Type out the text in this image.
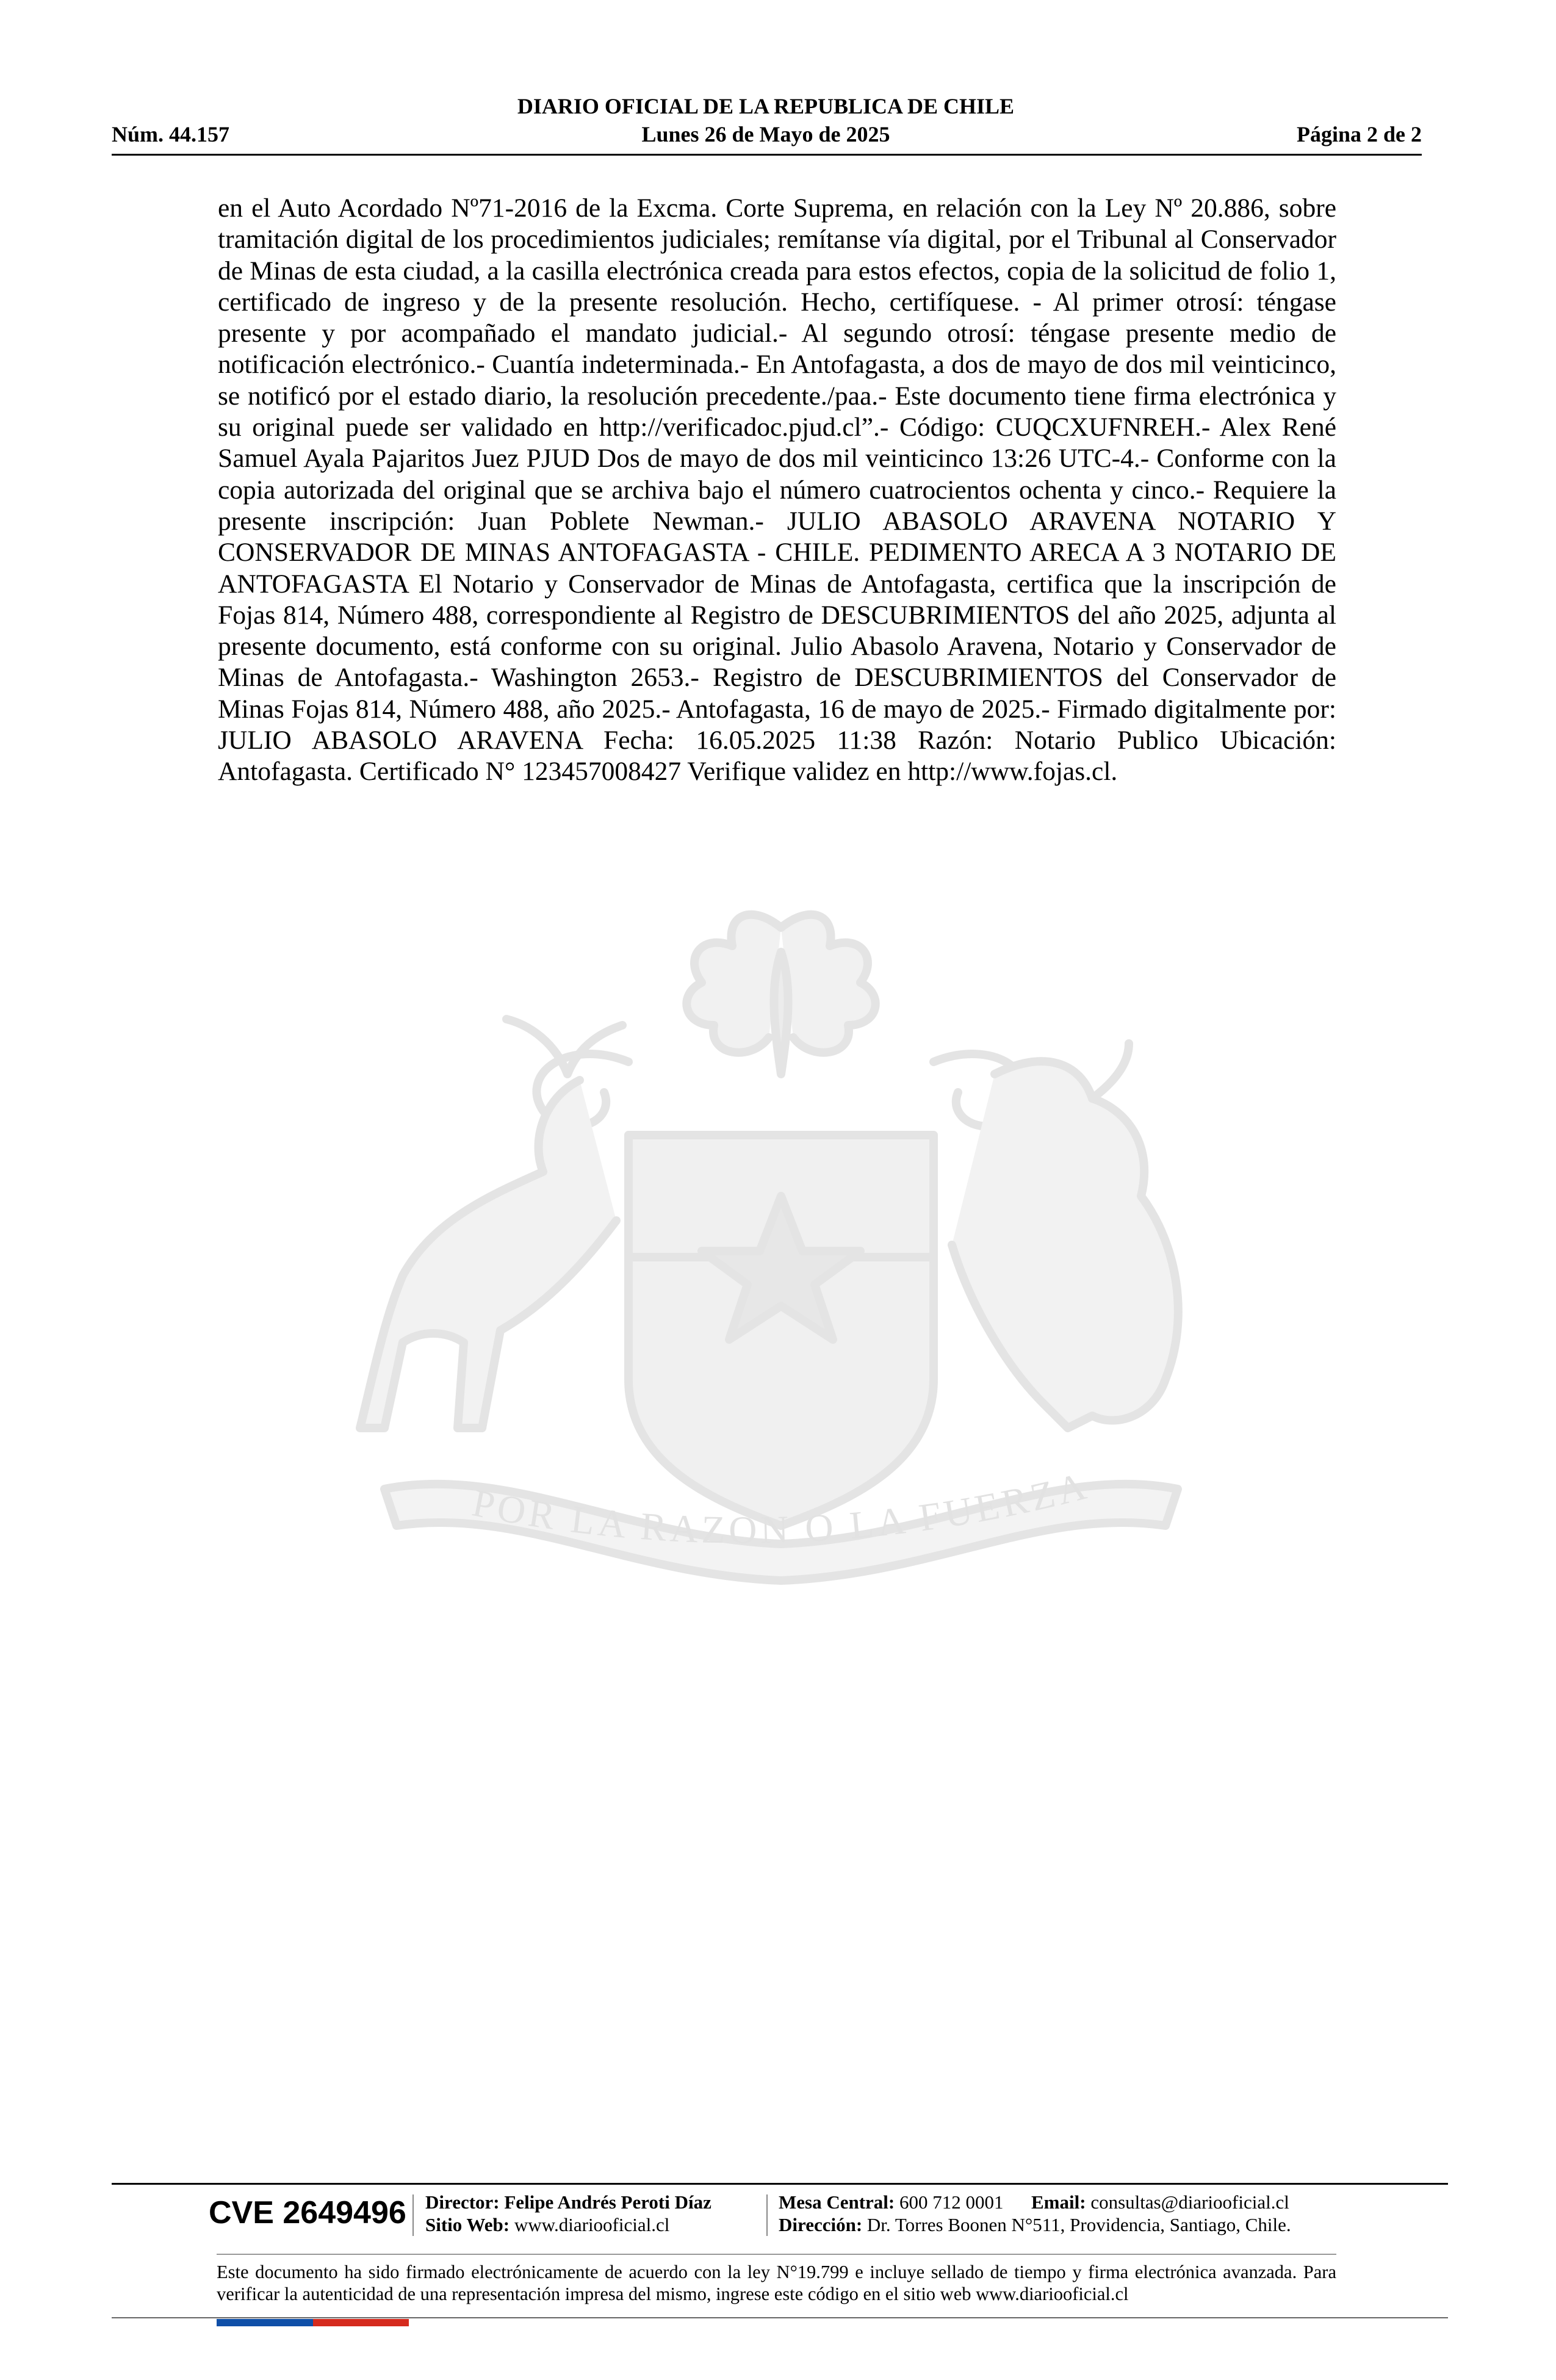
DIARIO OFICIAL DE LA REPUBLICA DE CHILE
Núm. 44.157	Lunes 26 de Mayo de 2025	Página 2 de 2

en el Auto Acordado Nº71-2016 de la Excma. Corte Suprema, en relación con la Ley Nº 20.886, sobre tramitación digital de los procedimientos judiciales; remítanse vía digital, por el Tribunal al Conservador de Minas de esta ciudad, a la casilla electrónica creada para estos efectos, copia de la solicitud de folio 1, certificado de ingreso y de la presente resolución. Hecho, certifíquese. - Al primer otrosí: téngase presente y por acompañado el mandato judicial.- Al segundo otrosí: téngase presente medio de notificación electrónico.- Cuantía indeterminada.- En Antofagasta, a dos de mayo de dos mil veinticinco, se notificó por el estado diario, la resolución precedente./paa.- Este documento tiene firma electrónica y su original puede ser validado en http://verificadoc.pjud.cl”.- Código: CUQCXUFNREH.- Alex René Samuel Ayala Pajaritos Juez PJUD Dos de mayo de dos mil veinticinco 13:26 UTC-4.- Conforme con la copia autorizada del original que se archiva bajo el número cuatrocientos ochenta y cinco.- Requiere la presente inscripción: Juan Poblete Newman.- JULIO ABASOLO ARAVENA NOTARIO Y CONSERVADOR DE MINAS ANTOFAGASTA - CHILE. PEDIMENTO ARECA A 3 NOTARIO DE ANTOFAGASTA El Notario y Conservador de Minas de Antofagasta, certifica que la inscripción de Fojas 814, Número 488, correspondiente al Registro de DESCUBRIMIENTOS del año 2025, adjunta al presente documento, está conforme con su original. Julio Abasolo Aravena, Notario y Conservador de Minas de Antofagasta.- Washington 2653.- Registro de DESCUBRIMIENTOS del Conservador de Minas Fojas 814, Número 488, año 2025.- Antofagasta, 16 de mayo de 2025.- Firmado digitalmente por: JULIO ABASOLO ARAVENA Fecha: 16.05.2025 11:38 Razón: Notario Publico Ubicación: Antofagasta. Certificado N° 123457008427 Verifique validez en http://www.fojas.cl.

POR LA RAZON O LA FUERZA
CVE 2649496 Director: Felipe Andrés Peroti Díaz
Sitio Web: www.diariooficial.cl
Mesa Central: 600 712 0001 Email: consultas@diariooficial.cl
Dirección: Dr. Torres Boonen N°511, Providencia, Santiago, Chile.

Este documento ha sido firmado electrónicamente de acuerdo con la ley N°19.799 e incluye sellado de tiempo y firma electrónica avanzada. Para verificar la autenticidad de una representación impresa del mismo, ingrese este código en el sitio web www.diariooficial.cl
